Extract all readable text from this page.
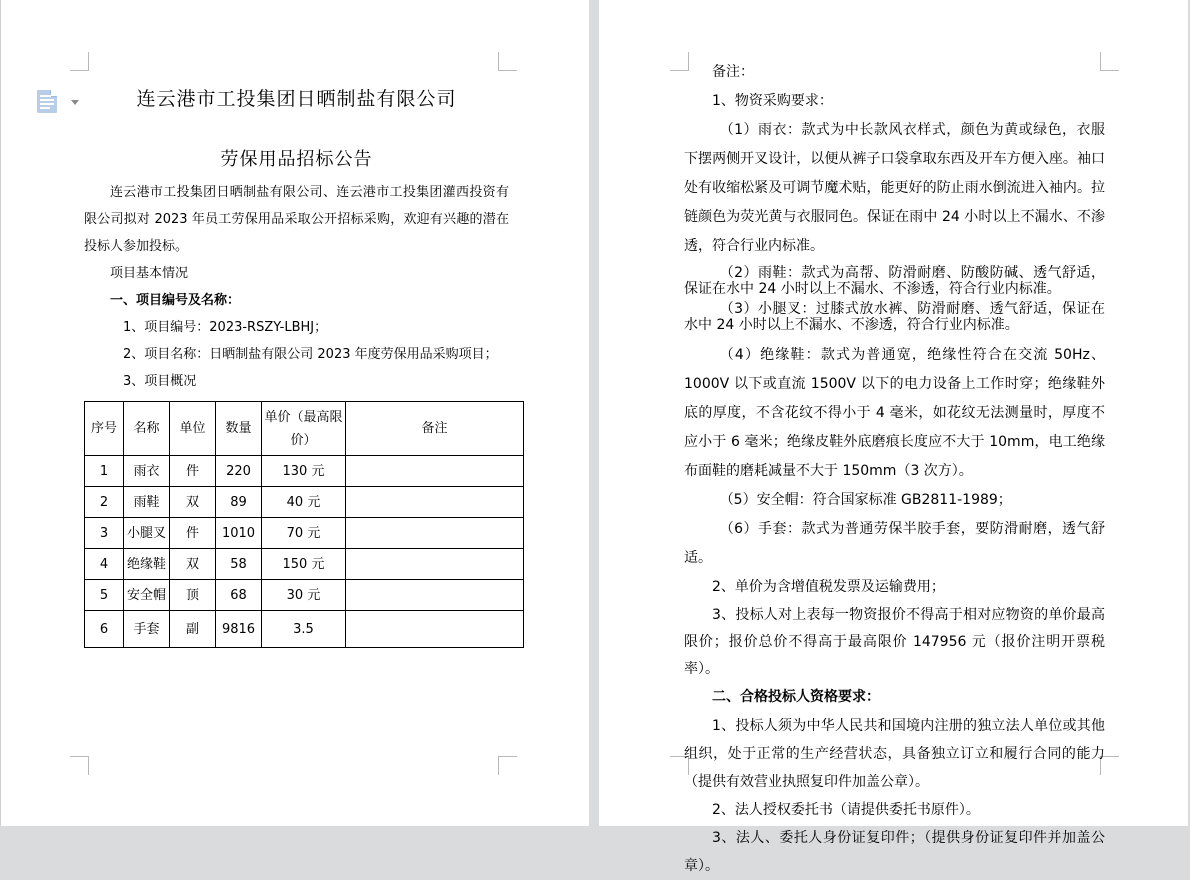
连云港市工投集团日晒制盐有限公司
劳保用品招标公告

连云港市工投集团日晒制盐有限公司、连云港市工投集团灌西投资有限公司拟对 2023 年员工劳保用品采取公开招标采购，欢迎有兴趣的潜在投标人参加投标。

项目基本情况

一、项目编号及名称：

1、项目编号：2023-RSZY-LBHJ；

2、项目名称：日晒制盐有限公司 2023 年度劳保用品采购项目；

3、项目概况

序号	名称	单位	数量	单价（最高限价）	备注
1	雨衣	件	220	130 元	
2	雨鞋	双	89	40 元	
3	小腿叉	件	1010	70 元	
4	绝缘鞋	双	58	150 元	
5	安全帽	顶	68	30 元	
6	手套	副	9816	3.5	

备注：

1、物资采购要求：

（1）雨衣：款式为中长款风衣样式，颜色为黄或绿色，衣服下摆两侧开叉设计，以便从裤子口袋拿取东西及开车方便入座。袖口处有收缩松紧及可调节魔术贴，能更好的防止雨水倒流进入袖内。拉链颜色为荧光黄与衣服同色。保证在雨中 24 小时以上不漏水、不渗透，符合行业内标准。

（2）雨鞋：款式为高帮、防滑耐磨、防酸防碱、透气舒适，保证在水中 24 小时以上不漏水、不渗透，符合行业内标准。

（3）小腿叉：过膝式放水裤、防滑耐磨、透气舒适，保证在水中 24 小时以上不漏水、不渗透，符合行业内标准。

（4）绝缘鞋：款式为普通宽，绝缘性符合在交流 50Hz、1000V 以下或直流 1500V 以下的电力设备上工作时穿；绝缘鞋外底的厚度，不含花纹不得小于 4 毫米，如花纹无法测量时，厚度不应小于 6 毫米；绝缘皮鞋外底磨痕长度应不大于 10mm，电工绝缘布面鞋的磨耗减量不大于 150mm（3 次方）。

（5）安全帽：符合国家标准 GB2811-1989；

（6）手套：款式为普通劳保半胶手套，要防滑耐磨，透气舒适。

2、单价为含增值税发票及运输费用；

3、投标人对上表每一物资报价不得高于相对应物资的单价最高限价；报价总价不得高于最高限价 147956 元（报价注明开票税率）。

二、合格投标人资格要求：

1、投标人须为中华人民共和国境内注册的独立法人单位或其他组织，处于正常的生产经营状态，具备独立订立和履行合同的能力（提供有效营业执照复印件加盖公章）。

2、法人授权委托书（请提供委托书原件）。

3、法人、委托人身份证复印件；（提供身份证复印件并加盖公章）。
